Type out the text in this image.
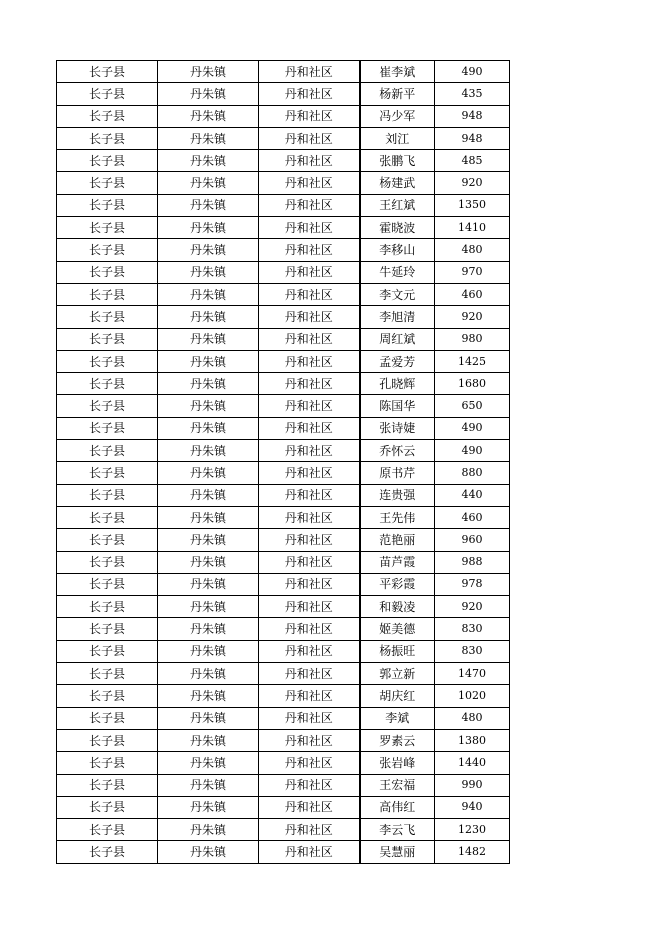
长子县	丹朱镇	丹和社区	崔李斌	490
长子县	丹朱镇	丹和社区	杨新平	435
长子县	丹朱镇	丹和社区	冯少军	948
长子县	丹朱镇	丹和社区	刘江	948
长子县	丹朱镇	丹和社区	张鹏飞	485
长子县	丹朱镇	丹和社区	杨建武	920
长子县	丹朱镇	丹和社区	王红斌	1350
长子县	丹朱镇	丹和社区	霍晓波	1410
长子县	丹朱镇	丹和社区	李移山	480
长子县	丹朱镇	丹和社区	牛延玲	970
长子县	丹朱镇	丹和社区	李文元	460
长子县	丹朱镇	丹和社区	李旭清	920
长子县	丹朱镇	丹和社区	周红斌	980
长子县	丹朱镇	丹和社区	孟爱芳	1425
长子县	丹朱镇	丹和社区	孔晓辉	1680
长子县	丹朱镇	丹和社区	陈国华	650
长子县	丹朱镇	丹和社区	张诗婕	490
长子县	丹朱镇	丹和社区	乔怀云	490
长子县	丹朱镇	丹和社区	原书芹	880
长子县	丹朱镇	丹和社区	连贵强	440
长子县	丹朱镇	丹和社区	王先伟	460
长子县	丹朱镇	丹和社区	范艳丽	960
长子县	丹朱镇	丹和社区	苗芦霞	988
长子县	丹朱镇	丹和社区	平彩霞	978
长子县	丹朱镇	丹和社区	和毅凌	920
长子县	丹朱镇	丹和社区	姬美德	830
长子县	丹朱镇	丹和社区	杨振旺	830
长子县	丹朱镇	丹和社区	郭立新	1470
长子县	丹朱镇	丹和社区	胡庆红	1020
长子县	丹朱镇	丹和社区	李斌	480
长子县	丹朱镇	丹和社区	罗素云	1380
长子县	丹朱镇	丹和社区	张岩峰	1440
长子县	丹朱镇	丹和社区	王宏福	990
长子县	丹朱镇	丹和社区	高伟红	940
长子县	丹朱镇	丹和社区	李云飞	1230
长子县	丹朱镇	丹和社区	吴慧丽	1482
